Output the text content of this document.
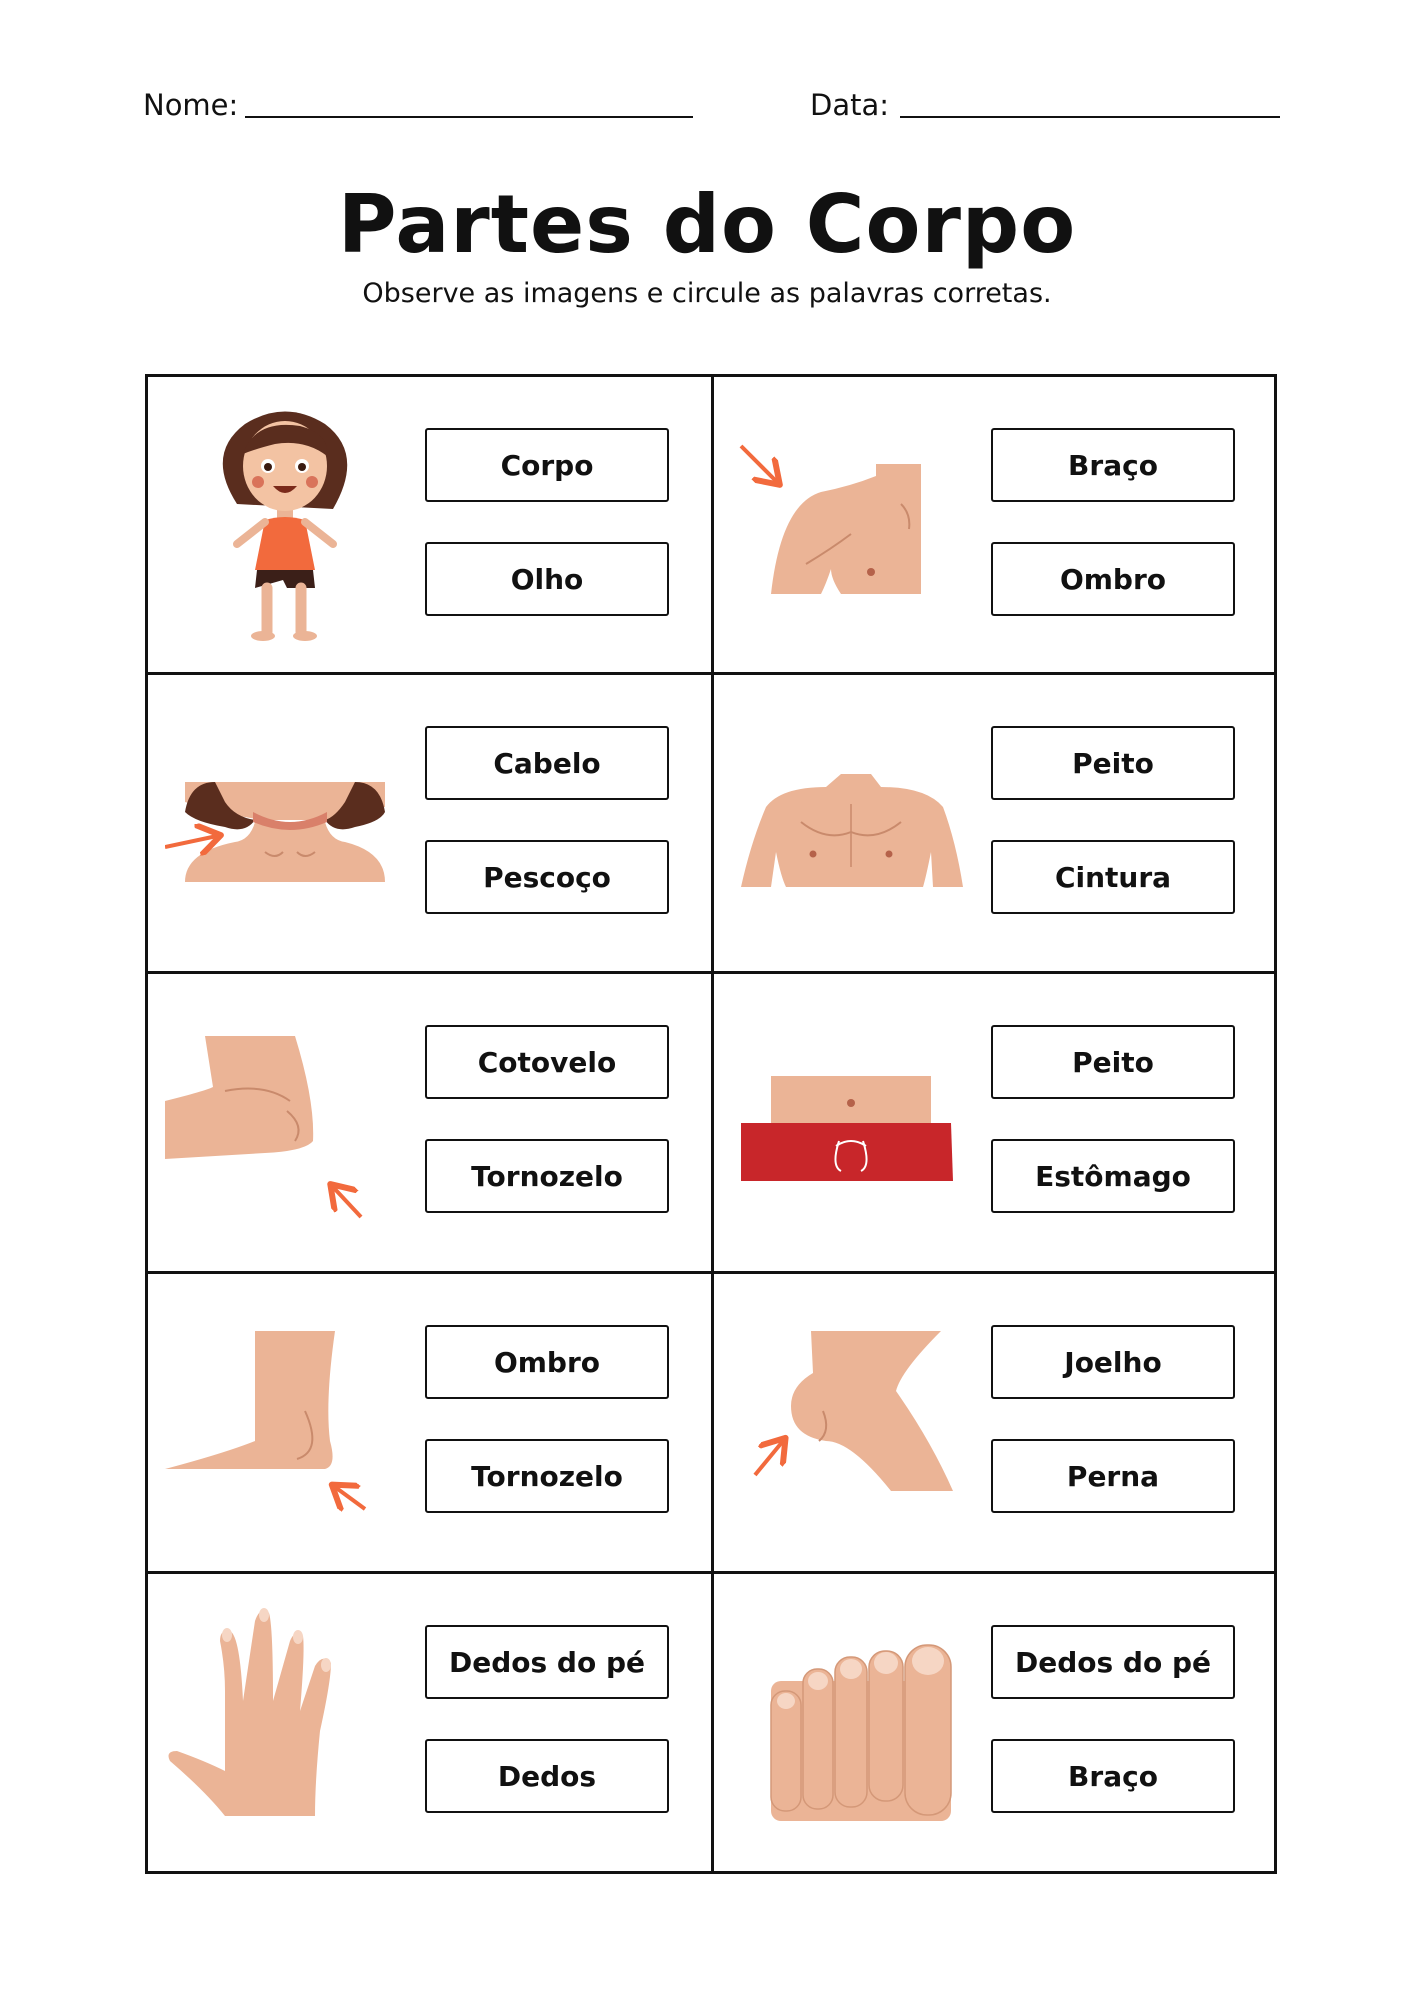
Nome:	Data:
Partes do Corpo
Observe as imagens e circule as palavras corretas.
Corpo
Olho
Braço
Ombro
Cabelo
Pescoço
Peito
Cintura
Cotovelo
Tornozelo
Peito
Estômago
Ombro
Tornozelo
Joelho
Perna
Dedos do pé
Dedos
Dedos do pé
Braço
